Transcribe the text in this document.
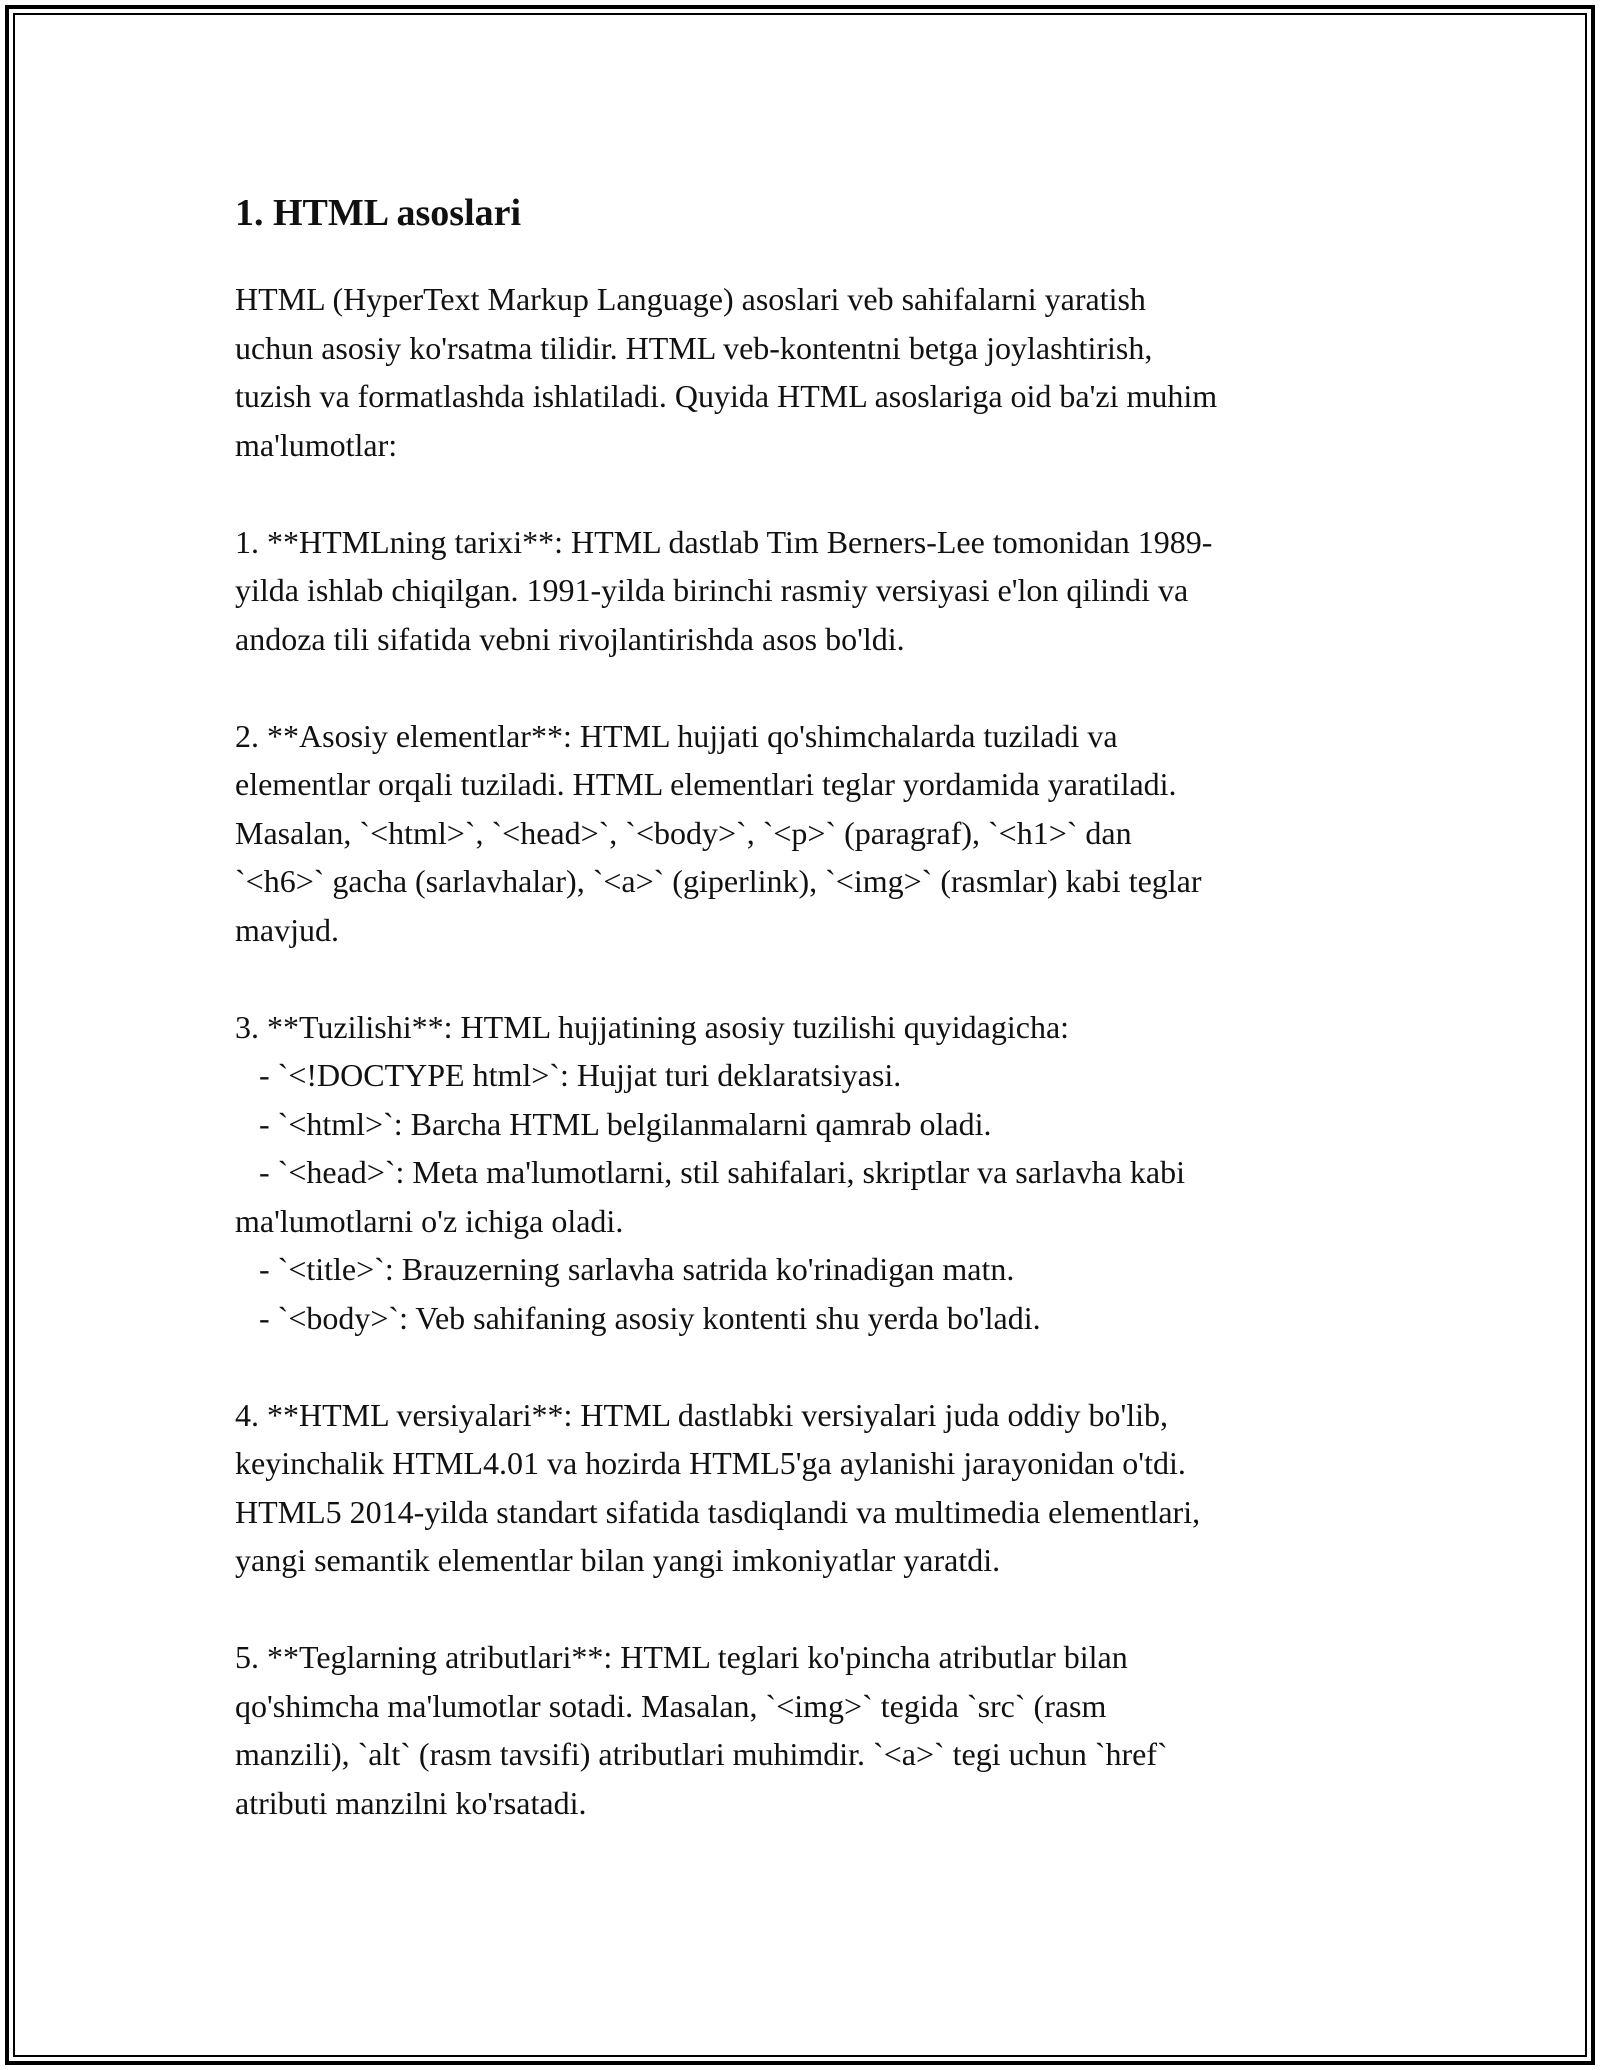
1. HTML asoslari

HTML (HyperText Markup Language) asoslari veb sahifalarni yaratish
uchun asosiy ko'rsatma tilidir. HTML veb-kontentni betga joylashtirish,
tuzish va formatlashda ishlatiladi. Quyida HTML asoslariga oid ba'zi muhim
ma'lumotlar:

1. **HTMLning tarixi**: HTML dastlab Tim Berners-Lee tomonidan 1989-
yilda ishlab chiqilgan. 1991-yilda birinchi rasmiy versiyasi e'lon qilindi va
andoza tili sifatida vebni rivojlantirishda asos bo'ldi.

2. **Asosiy elementlar**: HTML hujjati qo'shimchalarda tuziladi va
elementlar orqali tuziladi. HTML elementlari teglar yordamida yaratiladi.
Masalan, `<html>`, `<head>`, `<body>`, `<p>` (paragraf), `<h1>` dan
`<h6>` gacha (sarlavhalar), `<a>` (giperlink), `<img>` (rasmlar) kabi teglar
mavjud.

3. **Tuzilishi**: HTML hujjatining asosiy tuzilishi quyidagicha:
- `<!DOCTYPE html>`: Hujjat turi deklaratsiyasi.
- `<html>`: Barcha HTML belgilanmalarni qamrab oladi.
- `<head>`: Meta ma'lumotlarni, stil sahifalari, skriptlar va sarlavha kabi
ma'lumotlarni o'z ichiga oladi.
- `<title>`: Brauzerning sarlavha satrida ko'rinadigan matn.
- `<body>`: Veb sahifaning asosiy kontenti shu yerda bo'ladi.

4. **HTML versiyalari**: HTML dastlabki versiyalari juda oddiy bo'lib,
keyinchalik HTML4.01 va hozirda HTML5'ga aylanishi jarayonidan o'tdi.
HTML5 2014-yilda standart sifatida tasdiqlandi va multimedia elementlari,
yangi semantik elementlar bilan yangi imkoniyatlar yaratdi.

5. **Teglarning atributlari**: HTML teglari ko'pincha atributlar bilan
qo'shimcha ma'lumotlar sotadi. Masalan, `<img>` tegida `src` (rasm
manzili), `alt` (rasm tavsifi) atributlari muhimdir. `<a>` tegi uchun `href`
atributi manzilni ko'rsatadi.
